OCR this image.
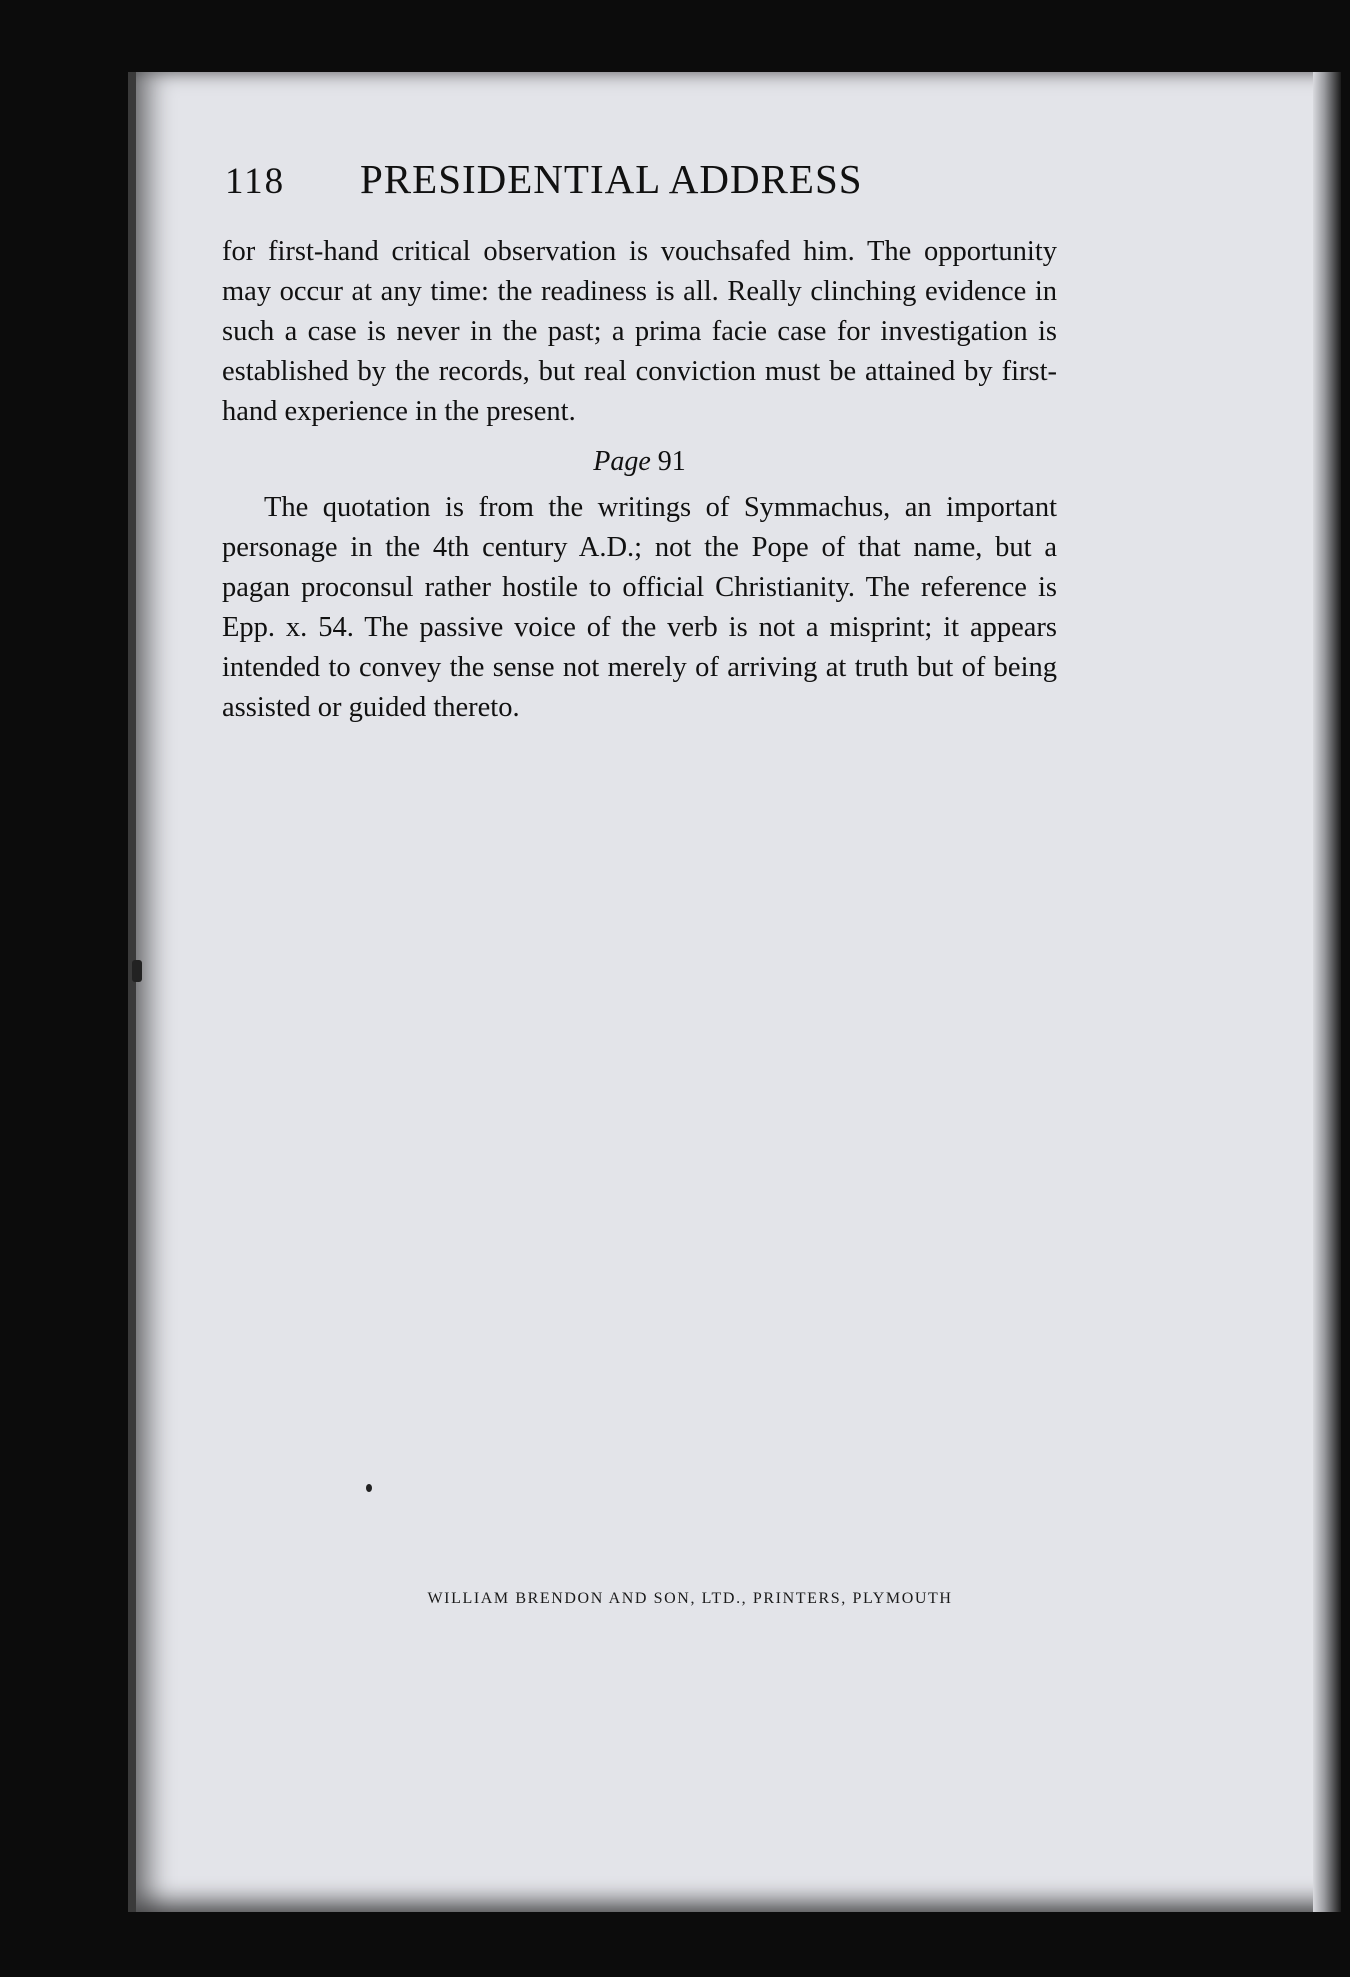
118	PRESIDENTIAL ADDRESS

for first-hand critical observation is vouchsafed him. The opportunity may occur at any time: the readiness is all. Really clinching evidence in such a case is never in the past; a prima facie case for investigation is established by the records, but real conviction must be attained by first-hand experience in the present.

Page 91

The quotation is from the writings of Symmachus, an important personage in the 4th century A.D.; not the Pope of that name, but a pagan proconsul rather hostile to official Christianity. The reference is Epp. x. 54. The passive voice of the verb is not a misprint; it appears intended to convey the sense not merely of arriving at truth but of being assisted or guided thereto.

WILLIAM BRENDON AND SON, LTD., PRINTERS, PLYMOUTH
